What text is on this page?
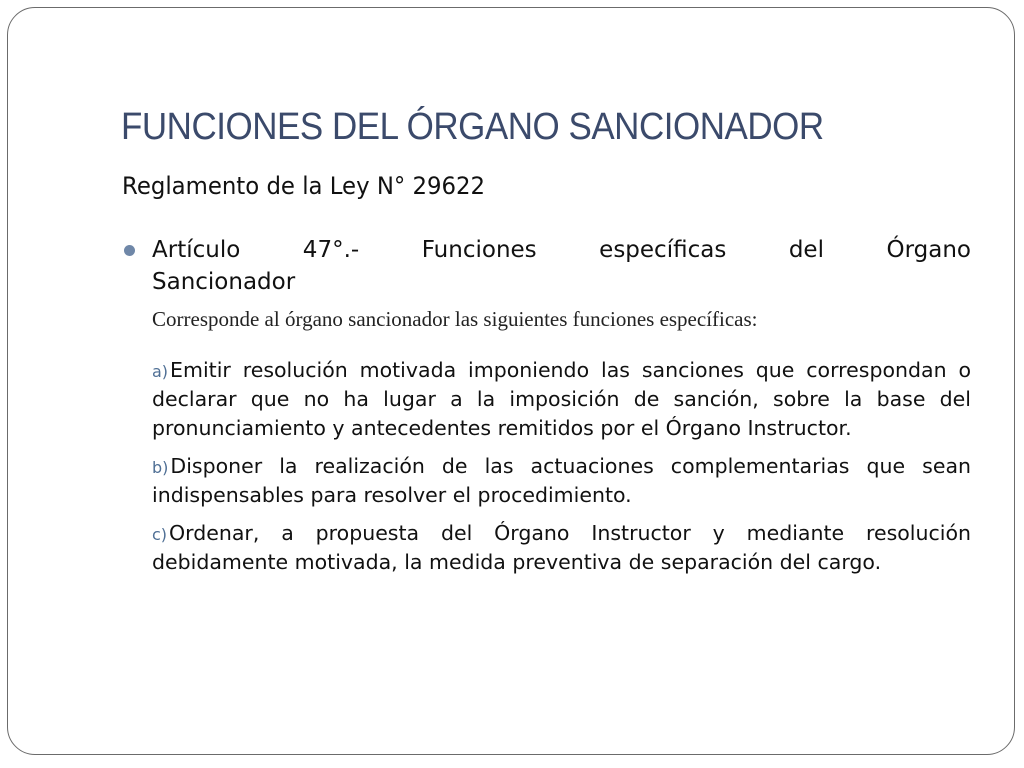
FUNCIONES DEL ÓRGANO SANCIONADOR
Reglamento de la Ley N° 29622

Artículo 47°.- Funciones específicas del Órgano
Sancionador

Corresponde al órgano sancionador las siguientes funciones específicas:

a)Emitir resolución motivada imponiendo las sanciones que correspondan o declarar que no ha lugar a la imposición de sanción, sobre la base del pronunciamiento y antecedentes remitidos por el Órgano Instructor.

b)Disponer la realización de las actuaciones complementarias que sean indispensables para resolver el procedimiento.

c)Ordenar, a propuesta del Órgano Instructor y mediante resolución debidamente motivada, la medida preventiva de separación del cargo.
